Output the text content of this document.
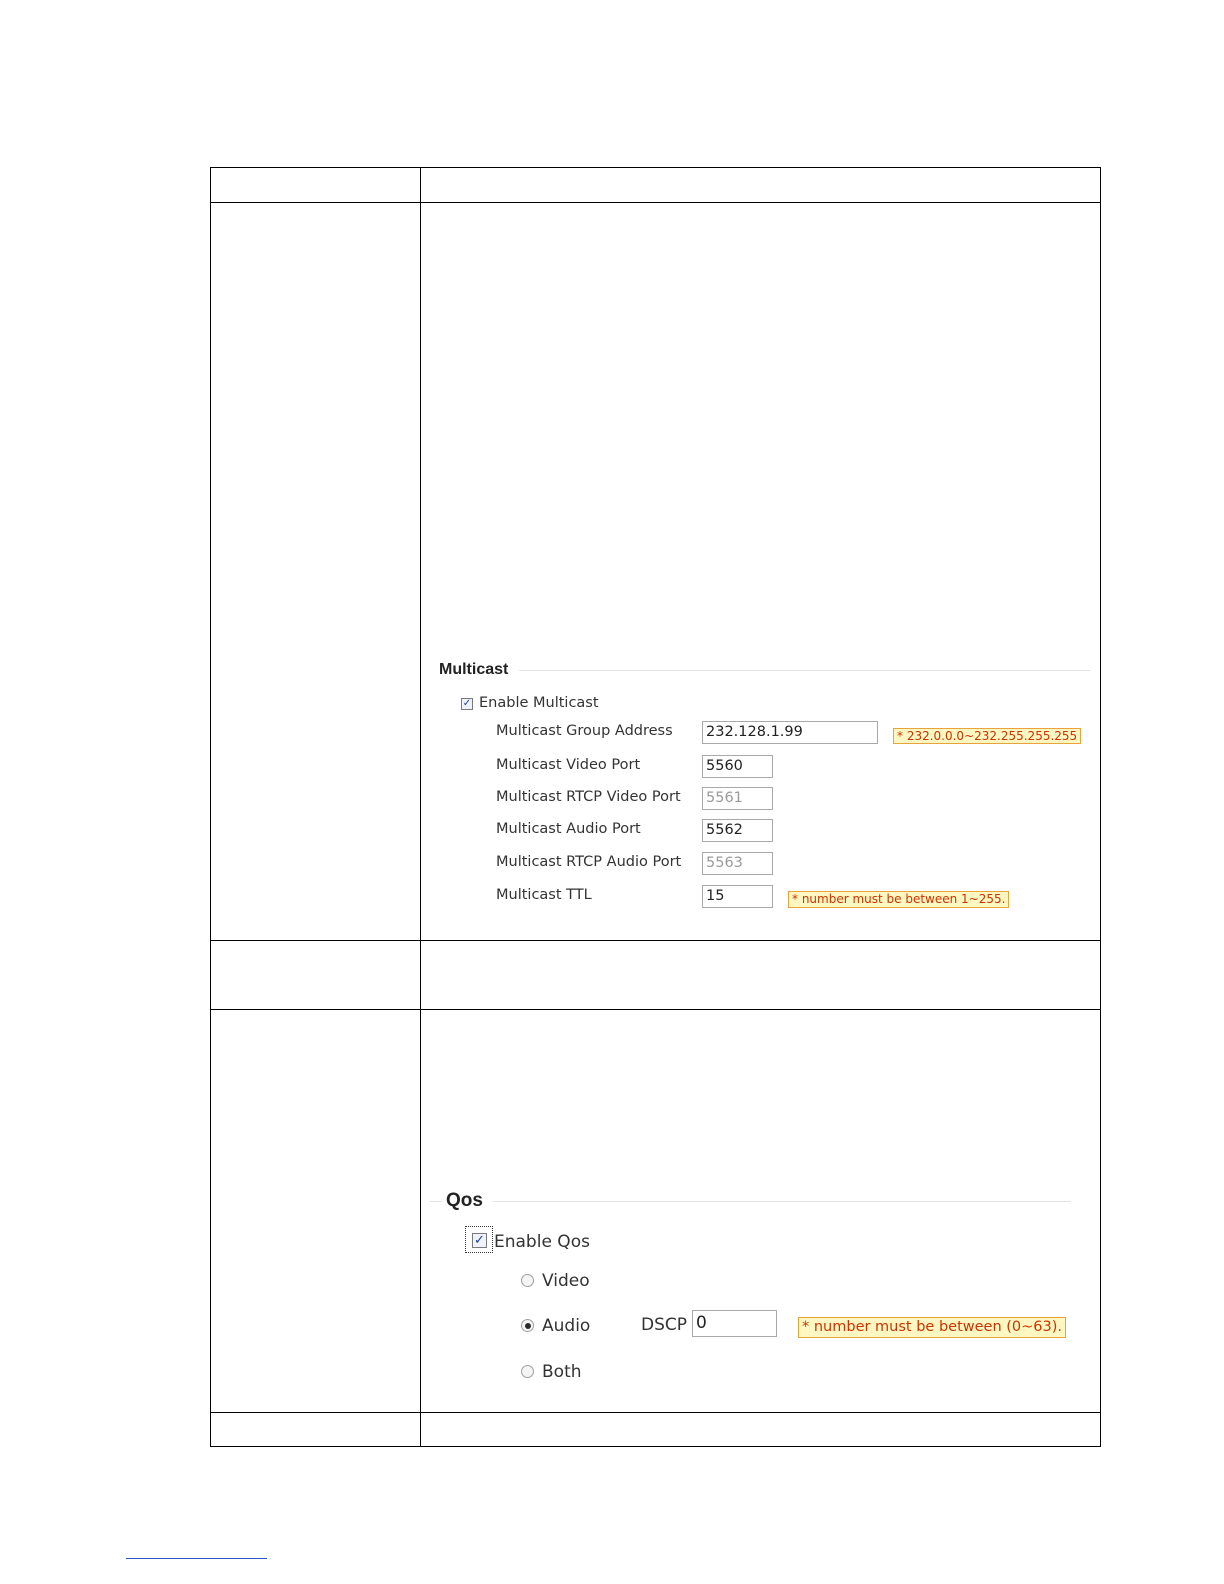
Multicast
✓ Enable Multicast
Multicast Group Address 232.128.1.99	* 232.0.0.0~232.255.255.255
Multicast Video Port	5560
Multicast RTCP Video Port 5561
Multicast Audio Port	5562
Multicast RTCP Audio Port 5563
Multicast TTL	15	* number must be between 1~255.
Qos
✓ Enable Qos
Video
Audio	DSCP 0	* number must be between (0~63).
Both
